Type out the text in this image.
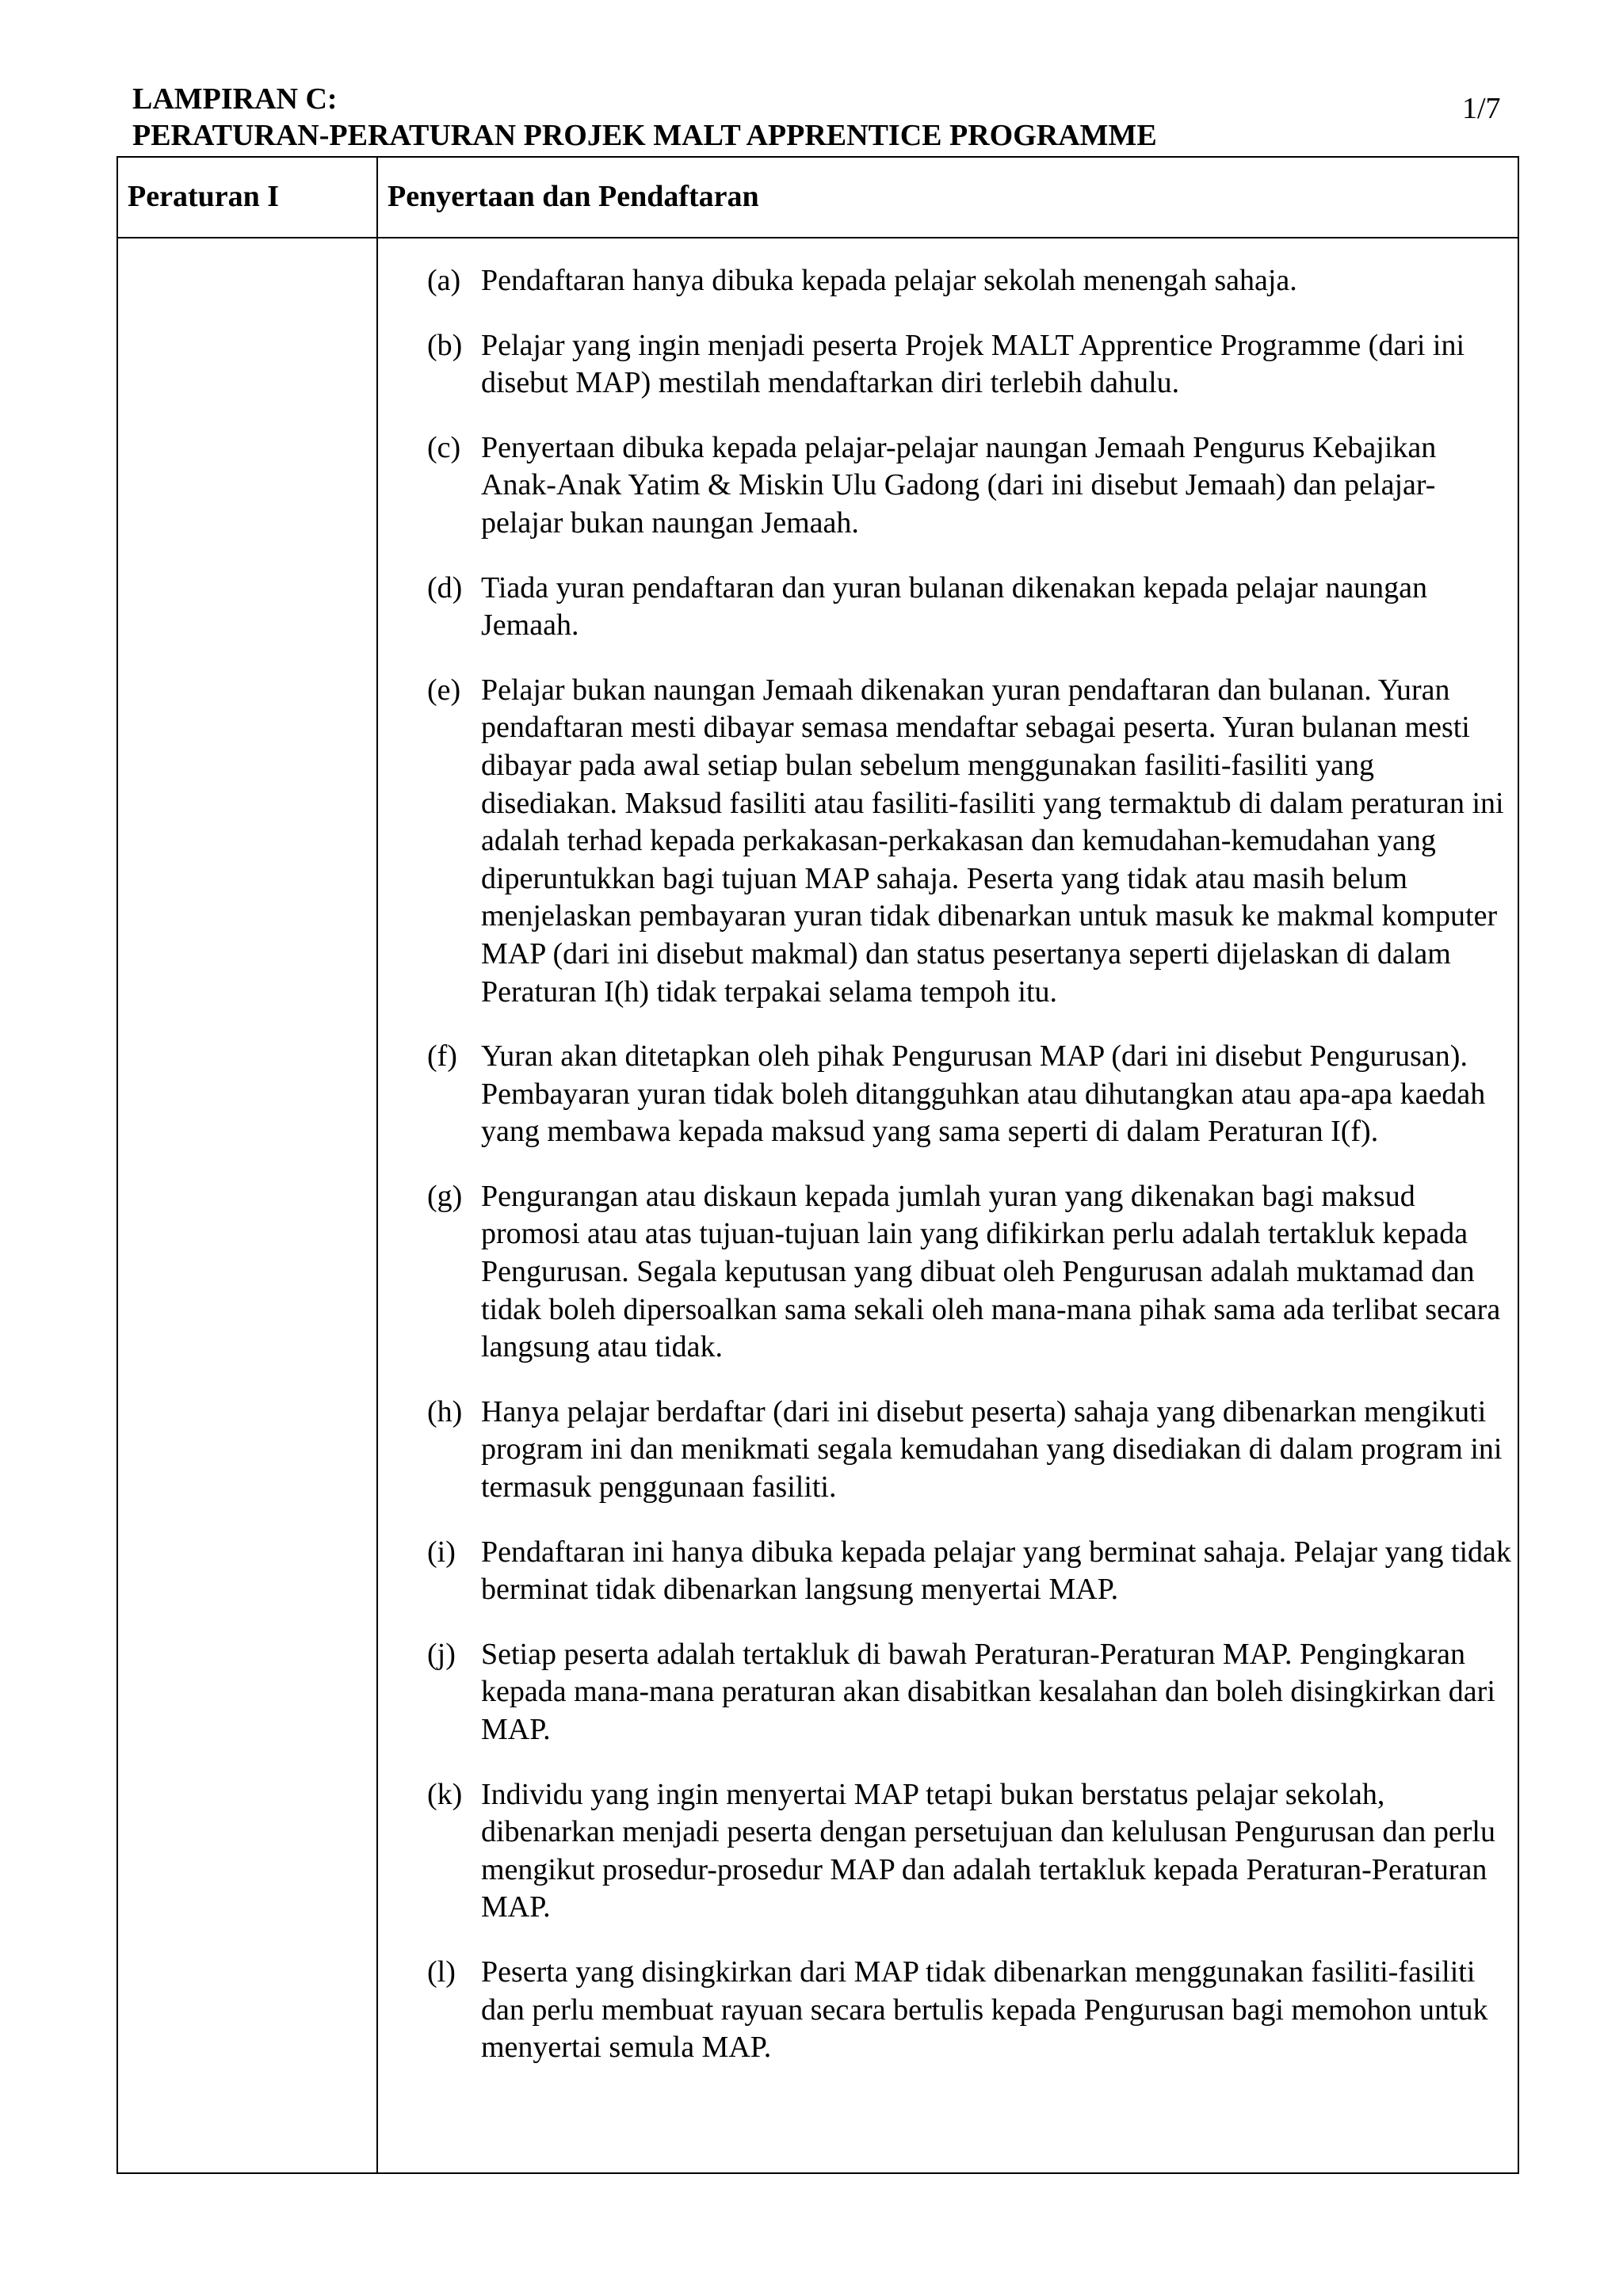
LAMPIRAN C:

PERATURAN-PERATURAN PROJEK MALT APPRENTICE PROGRAMME

1/7
Peraturan I	Penyertaan dan Pendaftaran
(a) Pendaftaran hanya dibuka kepada pelajar sekolah menengah sahaja.
(b) Pelajar yang ingin menjadi peserta Projek MALT Apprentice Programme (dari ini disebut MAP) mestilah mendaftarkan diri terlebih dahulu.
(c) Penyertaan dibuka kepada pelajar-pelajar naungan Jemaah Pengurus Kebajikan Anak-Anak Yatim & Miskin Ulu Gadong (dari ini disebut Jemaah) dan pelajar-pelajar bukan naungan Jemaah.
(d) Tiada yuran pendaftaran dan yuran bulanan dikenakan kepada pelajar naungan Jemaah.
(e) Pelajar bukan naungan Jemaah dikenakan yuran pendaftaran dan bulanan. Yuran pendaftaran mesti dibayar semasa mendaftar sebagai peserta. Yuran bulanan mesti dibayar pada awal setiap bulan sebelum menggunakan fasiliti-fasiliti yang disediakan. Maksud fasiliti atau fasiliti-fasiliti yang termaktub di dalam peraturan ini adalah terhad kepada perkakasan-perkakasan dan kemudahan-kemudahan yang diperuntukkan bagi tujuan MAP sahaja. Peserta yang tidak atau masih belum menjelaskan pembayaran yuran tidak dibenarkan untuk masuk ke makmal komputer MAP (dari ini disebut makmal) dan status pesertanya seperti dijelaskan di dalam Peraturan I(h) tidak terpakai selama tempoh itu.
(f) Yuran akan ditetapkan oleh pihak Pengurusan MAP (dari ini disebut Pengurusan). Pembayaran yuran tidak boleh ditangguhkan atau dihutangkan atau apa-apa kaedah yang membawa kepada maksud yang sama seperti di dalam Peraturan I(f).
(g) Pengurangan atau diskaun kepada jumlah yuran yang dikenakan bagi maksud promosi atau atas tujuan-tujuan lain yang difikirkan perlu adalah tertakluk kepada Pengurusan. Segala keputusan yang dibuat oleh Pengurusan adalah muktamad dan tidak boleh dipersoalkan sama sekali oleh mana-mana pihak sama ada terlibat secara langsung atau tidak.
(h) Hanya pelajar berdaftar (dari ini disebut peserta) sahaja yang dibenarkan mengikuti program ini dan menikmati segala kemudahan yang disediakan di dalam program ini termasuk penggunaan fasiliti.
(i) Pendaftaran ini hanya dibuka kepada pelajar yang berminat sahaja. Pelajar yang tidak berminat tidak dibenarkan langsung menyertai MAP.
(j) Setiap peserta adalah tertakluk di bawah Peraturan-Peraturan MAP. Pengingkaran kepada mana-mana peraturan akan disabitkan kesalahan dan boleh disingkirkan dari MAP.
(k) Individu yang ingin menyertai MAP tetapi bukan berstatus pelajar sekolah, dibenarkan menjadi peserta dengan persetujuan dan kelulusan Pengurusan dan perlu mengikut prosedur-prosedur MAP dan adalah tertakluk kepada Peraturan-Peraturan MAP.
(l) Peserta yang disingkirkan dari MAP tidak dibenarkan menggunakan fasiliti-fasiliti dan perlu membuat rayuan secara bertulis kepada Pengurusan bagi memohon untuk menyertai semula MAP.
